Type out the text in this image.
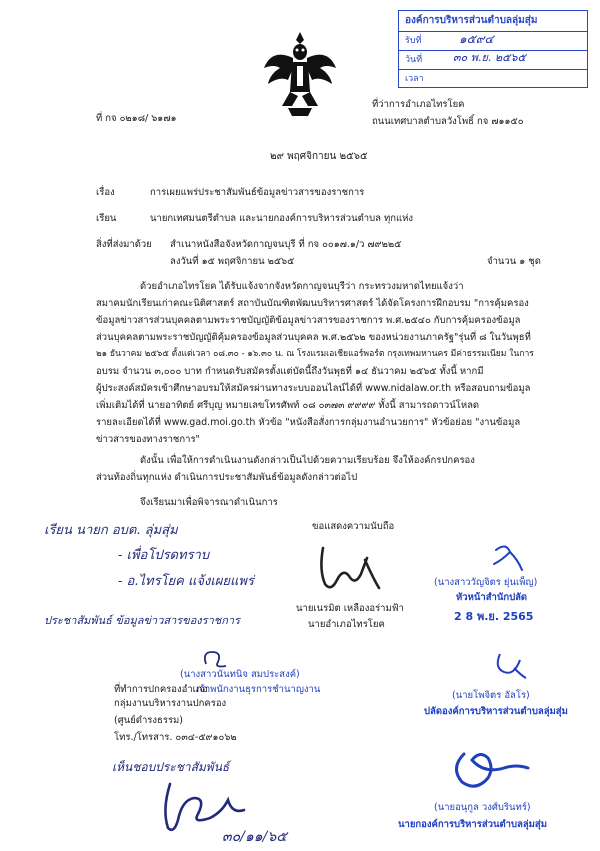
องค์การบริหารส่วนตำบลลุ่มสุ่ม
รับที่	๑๕๙๔
วันที่	๓๐ พ.ย. ๒๕๖๕
เวลา
ที่ กจ ๐๒๑๘/ ๖๑๗๑
ที่ว่าการอำเภอไทรโยค
ถนนเทศบาลตำบลวังโพธิ์ กจ ๗๑๑๕๐
๒๙ พฤศจิกายน ๒๕๖๕
เรื่อง	การเผยแพร่ประชาสัมพันธ์ข้อมูลข่าวสารของราชการ
เรียน	นายกเทศมนตรีตำบล และนายกองค์การบริหารส่วนตำบล ทุกแห่ง
สิ่งที่ส่งมาด้วย สำเนาหนังสือจังหวัดกาญจนบุรี ที่ กจ ๐๐๑๗.๑/ว ๗๙๒๒๕
ลงวันที่ ๑๕ พฤศจิกายน ๒๕๖๕	จำนวน ๑ ชุด
ด้วยอำเภอไทรโยค ได้รับแจ้งจากจังหวัดกาญจนบุรีว่า กระทรวงมหาดไทยแจ้งว่า
สมาคมนักเรียนเก่าคณะนิติศาสตร์ สถาบันบัณฑิตพัฒนบริหารศาสตร์ ได้จัดโครงการฝึกอบรม "การคุ้มครอง
ข้อมูลข่าวสารส่วนบุคคลตามพระราชบัญญัติข้อมูลข่าวสารของราชการ พ.ศ.๒๕๔๐ กับการคุ้มครองข้อมูล
ส่วนบุคคลตามพระราชบัญญัติคุ้มครองข้อมูลส่วนบุคคล พ.ศ.๒๕๖๒ ของหน่วยงานภาครัฐ"รุ่นที่ ๘ ในวันพุธที่
๒๑ ธันวาคม ๒๕๖๕ ตั้งแต่เวลา ๐๘.๓๐ - ๑๖.๓๐ น. ณ โรงแรมเอเชียแอร์พอร์ต กรุงเทพมหานคร มีค่าธรรมเนียม ในการ
อบรม จำนวน ๓,๐๐๐ บาท กำหนดรับสมัครตั้งแต่บัดนี้ถึงวันพุธที่ ๑๔ ธันวาคม ๒๕๖๕ ทั้งนี้ หากมี
ผู้ประสงค์สมัครเข้าศึกษาอบรมให้สมัครผ่านทางระบบออนไลน์ได้ที่ www.nidalaw.or.th หรือสอบถามข้อมูล
เพิ่มเติมได้ที่ นายอาทิตย์ ศรีบุญ หมายเลขโทรศัพท์ ๐๘ ๐๓๗๓ ๙๙๙๙ ทั้งนี้ สามารถดาวน์โหลด
รายละเอียดได้ที่ www.gad.moi.go.th หัวข้อ "หนังสือสั่งการกลุ่มงานอำนวยการ" หัวข้อย่อย "งานข้อมูล
ข่าวสารของทางราชการ"
ดังนั้น เพื่อให้การดำเนินงานดังกล่าวเป็นไปด้วยความเรียบร้อย จึงให้องค์กรปกครอง
ส่วนท้องถิ่นทุกแห่ง ดำเนินการประชาสัมพันธ์ข้อมูลดังกล่าวต่อไป
จึงเรียนมาเพื่อพิจารณาดำเนินการ
ขอแสดงความนับถือ
นายเนรมิต เหลืองอร่ามฟ้า
นายอำเภอไทรโยค
เรียน นายก อบต. ลุ่มสุ่ม
- เพื่อโปรดทราบ
- อ.ไทรโยค แจ้งเผยแพร่
ประชาสัมพันธ์ ข้อมูลข่าวสารของราชการ
(นางสาววัญจิตร ยุ่นเพ็ญ)
หัวหน้าสำนักปลัด
2 8 พ.ย. 2565
(นางสาวนันทนิจ สมประสงค์)
เจ้าพนักงานธุรการชำนาญงาน
ที่ทำการปกครองอำเภอ
กลุ่มงานบริหารงานปกครอง
(ศูนย์ดำรงธรรม)
โทร./โทรสาร. ๐๓๔-๕๙๑๐๖๒
(นายโพจิตร อัลโร)
ปลัดองค์การบริหารส่วนตำบลลุ่มสุ่ม
(นายอนุกูล วงศ์บรินทร์)
นายกองค์การบริหารส่วนตำบลลุ่มสุ่ม
เห็นชอบประชาสัมพันธ์
๓๐/๑๑/๖๕
